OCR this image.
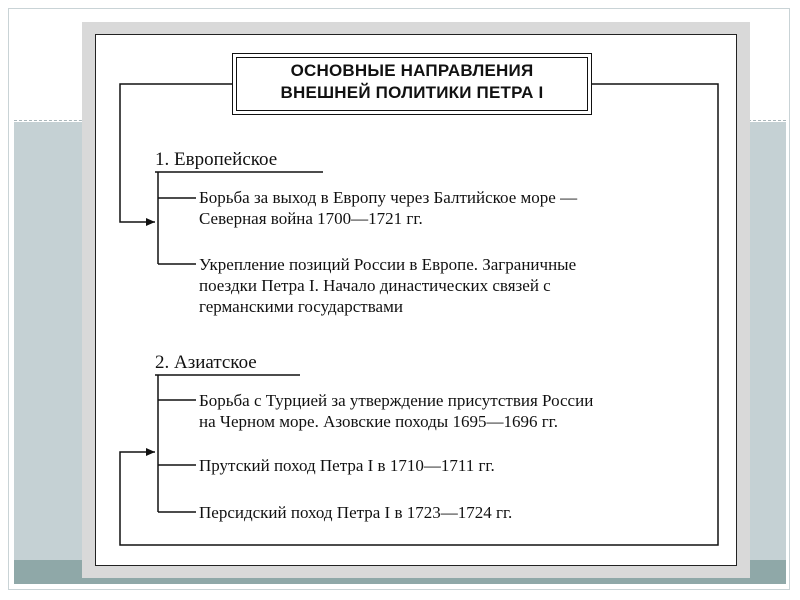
ОСНОВНЫЕ НАПРАВЛЕНИЯ
ВНЕШНЕЙ ПОЛИТИКИ ПЕТРА I
1. Европейское
Борьба за выход в Европу через Балтийское море —
Северная война 1700—1721 гг.
Укрепление позиций России в Европе. Заграничные
поездки Петра I. Начало династических связей с
германскими государствами
2. Азиатское
Борьба с Турцией за утверждение присутствия России
на Черном море. Азовские походы 1695—1696 гг.
Прутский поход Петра I в 1710—1711 гг.
Персидский поход Петра I в 1723—1724 гг.
